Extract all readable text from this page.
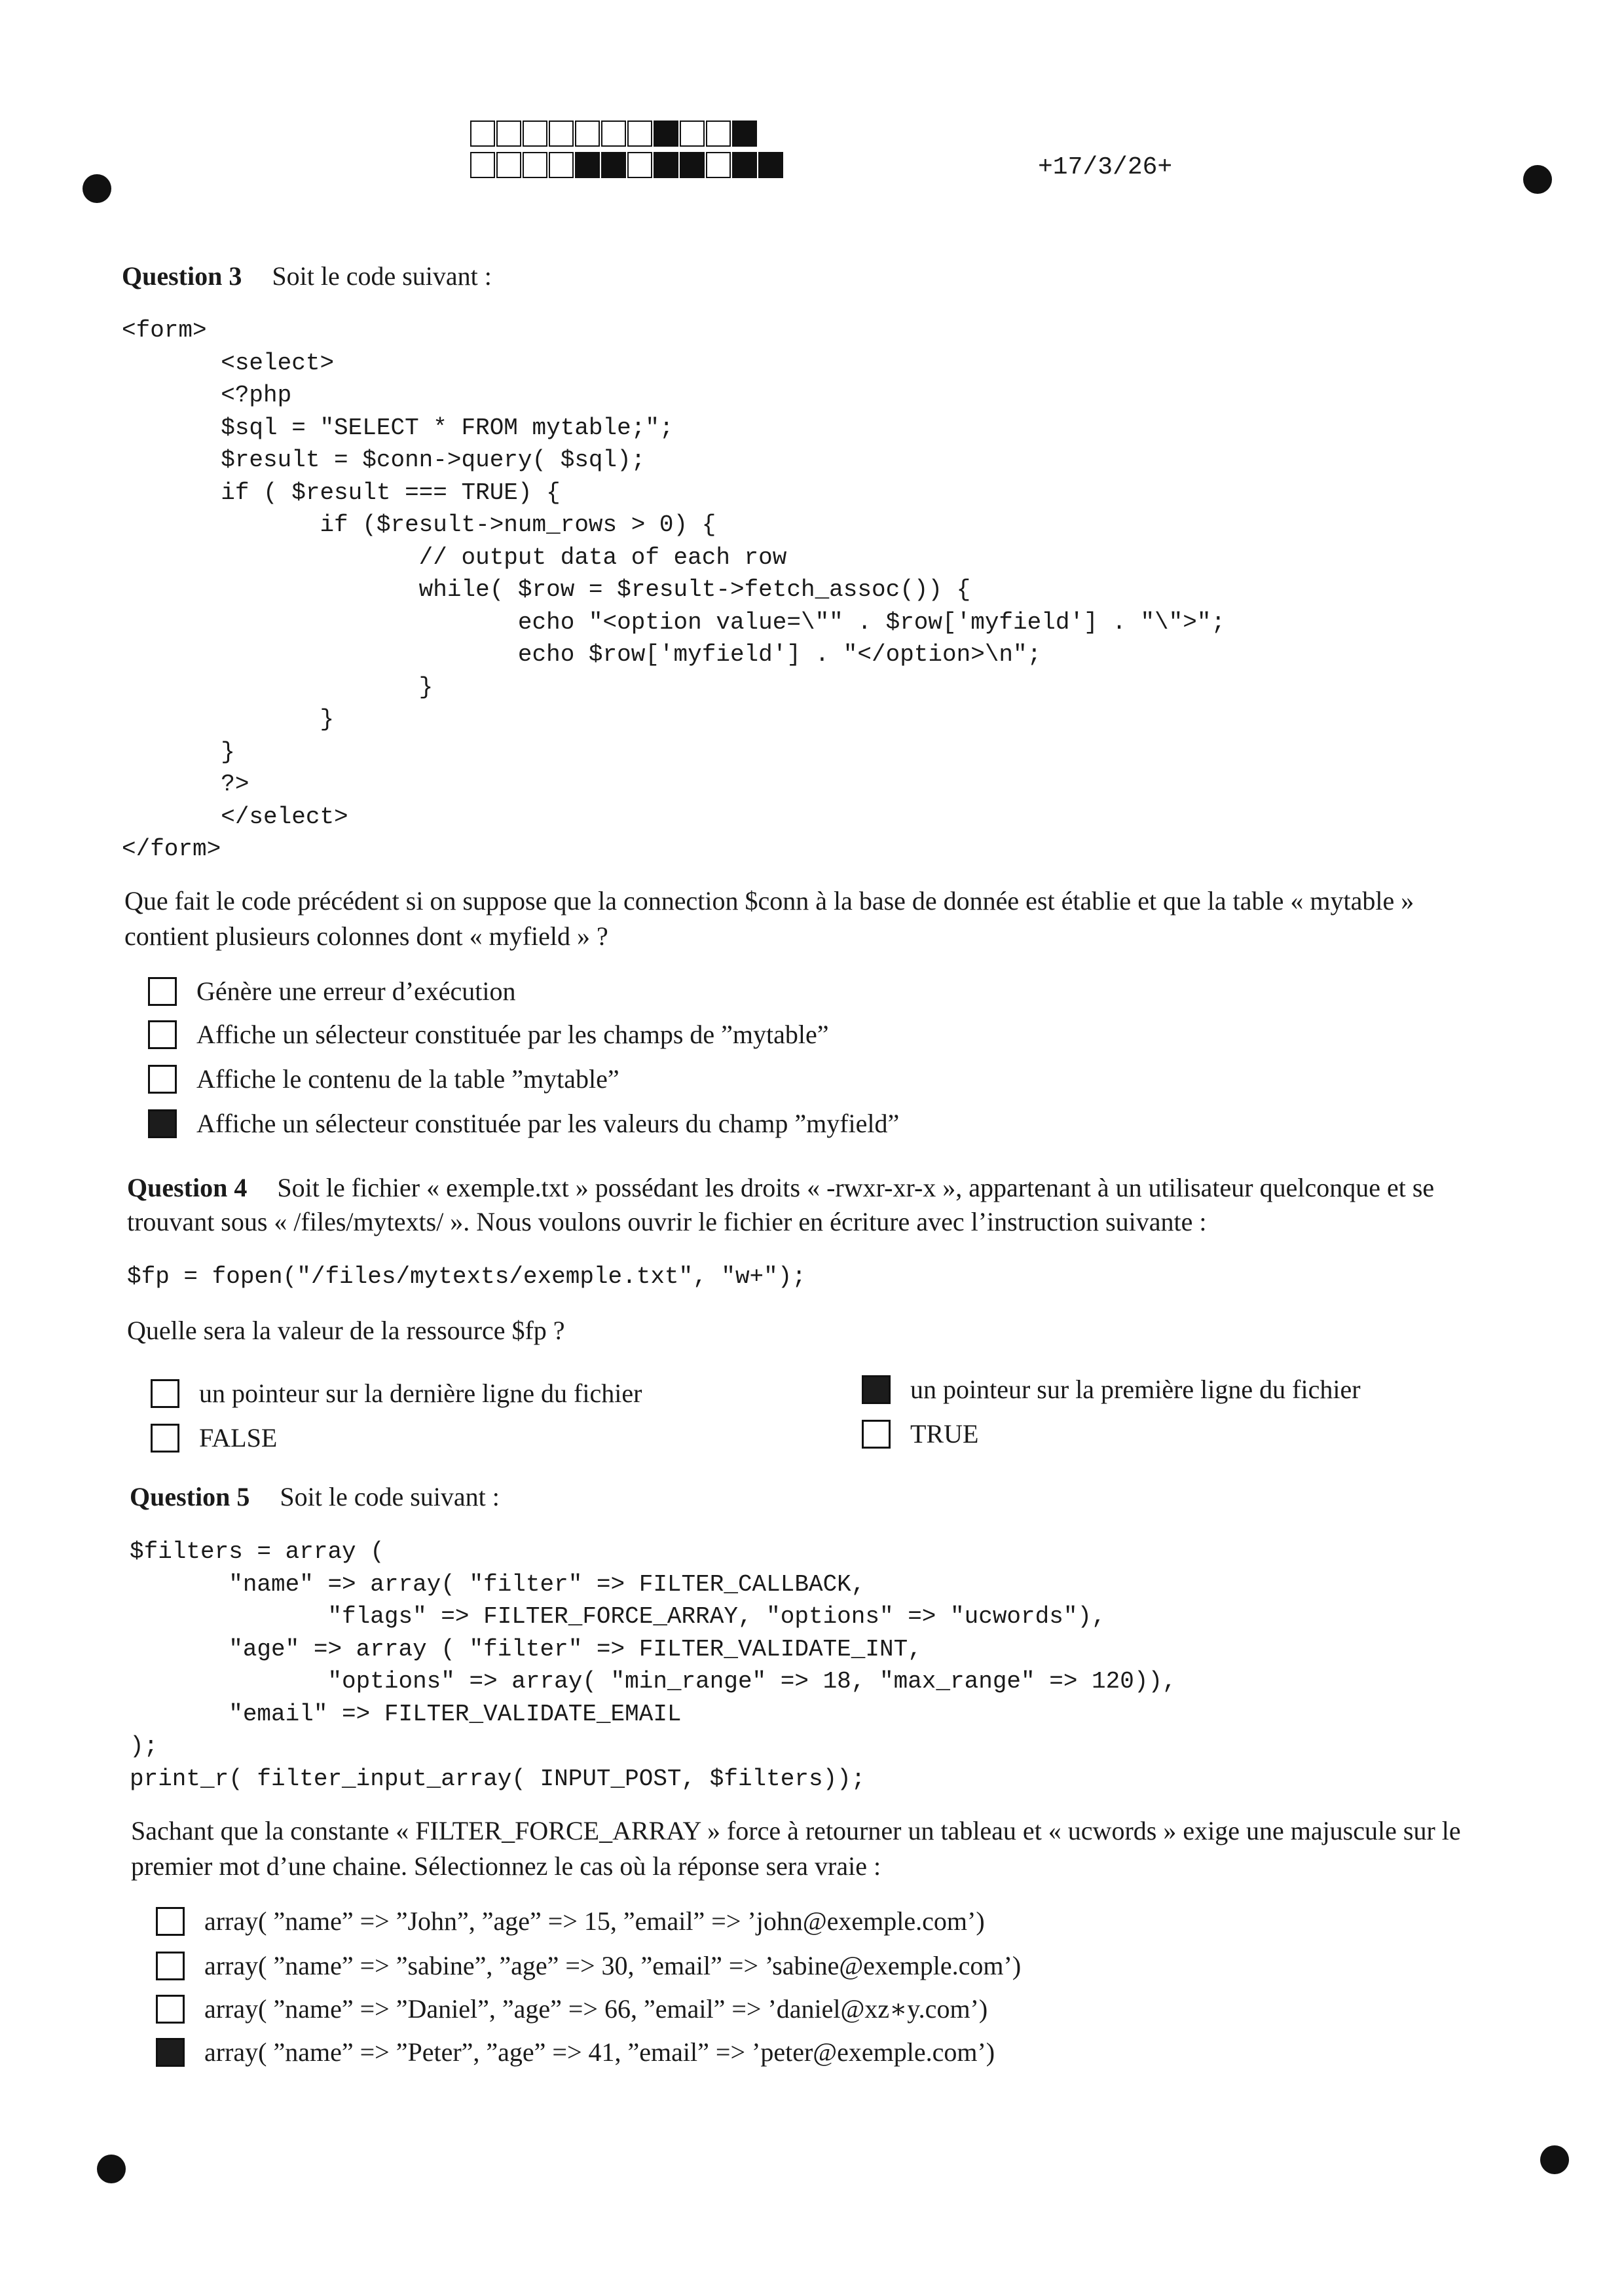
+17/3/26+
Question 3 Soit le code suivant :
<form>
<select>
<?php
$sql = "SELECT * FROM mytable;";
$result = $conn->query( $sql);
if ( $result === TRUE) {
if ($result->num_rows > 0) {
// output data of each row
while( $row = $result->fetch_assoc()) {
echo "<option value=\"" . $row['myfield'] . "\">";
echo $row['myfield'] . "</option>\n";
}
}
}
?>
</select>
</form>
Que fait le code précédent si on suppose que la connection $conn à la base de donnée est établie et que la table « mytable »
contient plusieurs colonnes dont « myfield » ?
Génère une erreur d’exécution
Affiche un sélecteur constituée par les champs de ”mytable”
Affiche le contenu de la table ”mytable”
Affiche un sélecteur constituée par les valeurs du champ ”myfield”
Question 4 Soit le fichier « exemple.txt » possédant les droits « -rwxr-xr-x », appartenant à un utilisateur quelconque et se
trouvant sous « /files/mytexts/ ». Nous voulons ouvrir le fichier en écriture avec l’instruction suivante :
$fp = fopen("/files/mytexts/exemple.txt", "w+");
Quelle sera la valeur de la ressource $fp ?
un pointeur sur la dernière ligne du fichier	un pointeur sur la première ligne du fichier
FALSE	TRUE
Question 5 Soit le code suivant :
$filters = array (
"name" => array( "filter" => FILTER_CALLBACK,
"flags" => FILTER_FORCE_ARRAY, "options" => "ucwords"),
"age" => array ( "filter" => FILTER_VALIDATE_INT,
"options" => array( "min_range" => 18, "max_range" => 120)),
"email" => FILTER_VALIDATE_EMAIL
);
print_r( filter_input_array( INPUT_POST, $filters));
Sachant que la constante « FILTER_FORCE_ARRAY » force à retourner un tableau et « ucwords » exige une majuscule sur le
premier mot d’une chaine. Sélectionnez le cas où la réponse sera vraie :
array( ”name” => ”John”, ”age” => 15, ”email” => ’john@exemple.com’)
array( ”name” => ”sabine”, ”age” => 30, ”email” => ’sabine@exemple.com’)
array( ”name” => ”Daniel”, ”age” => 66, ”email” => ’daniel@xz∗y.com’)
array( ”name” => ”Peter”, ”age” => 41, ”email” => ’peter@exemple.com’)
